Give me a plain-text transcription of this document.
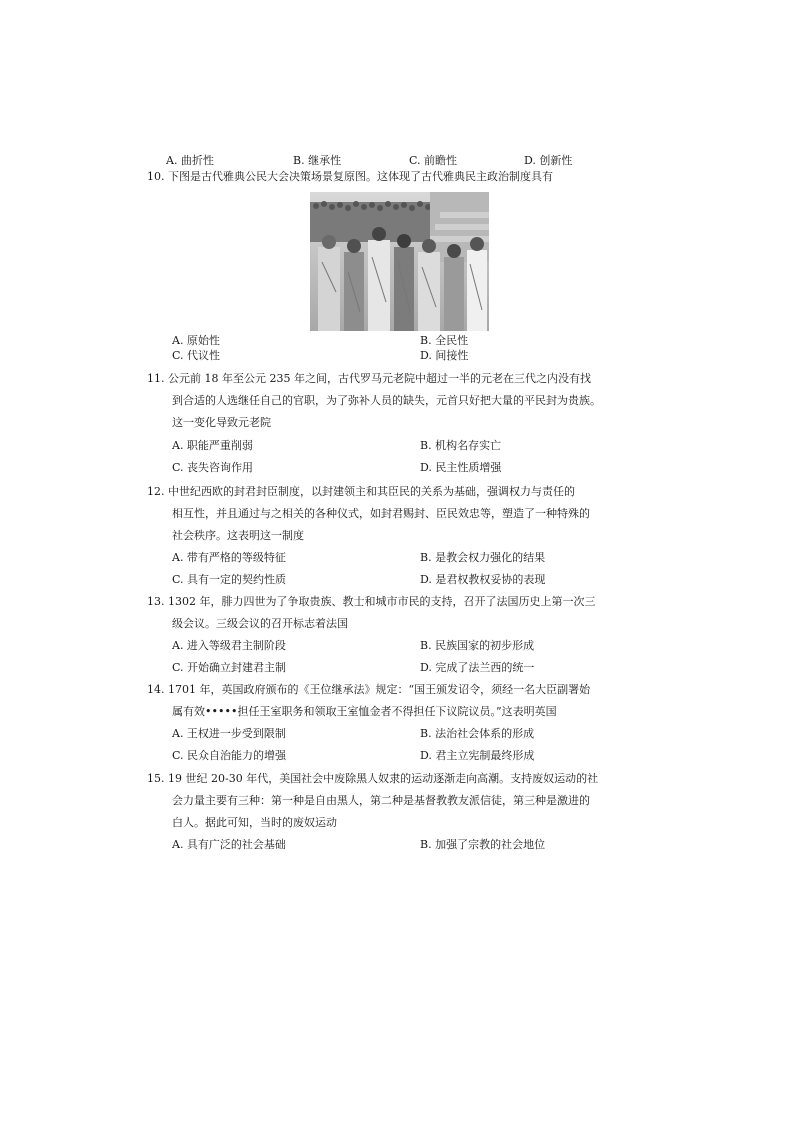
A. 曲折性	B. 继承性	C. 前瞻性	D. 创新性
10. 下图是古代雅典公民大会决策场景复原图。这体现了古代雅典民主政治制度具有
A. 原始性	B. 全民性
C. 代议性	D. 间接性
11. 公元前 18 年至公元 235 年之间，古代罗马元老院中超过一半的元老在三代之内没有找
到合适的人选继任自己的官职，为了弥补人员的缺失，元首只好把大量的平民封为贵族。
这一变化导致元老院
A. 职能严重削弱	B. 机构名存实亡
C. 丧失咨询作用	D. 民主性质增强
12. 中世纪西欧的封君封臣制度，以封建领主和其臣民的关系为基础，强调权力与责任的
相互性，并且通过与之相关的各种仪式，如封君赐封、臣民效忠等，塑造了一种特殊的
社会秩序。这表明这一制度
A. 带有严格的等级特征	B. 是教会权力强化的结果
C. 具有一定的契约性质	D. 是君权教权妥协的表现
13. 1302 年，腓力四世为了争取贵族、教士和城市市民的支持，召开了法国历史上第一次三
级会议。三级会议的召开标志着法国
A. 进入等级君主制阶段	B. 民族国家的初步形成
C. 开始确立封建君主制	D. 完成了法兰西的统一
14. 1701 年，英国政府颁布的《王位继承法》规定：“国王颁发诏令，须经一名大臣副署始
属有效•••••担任王室职务和领取王室恤金者不得担任下议院议员。”这表明英国
A. 王权进一步受到限制	B. 法治社会体系的形成
C. 民众自治能力的增强	D. 君主立宪制最终形成
15. 19 世纪 20-30 年代，美国社会中废除黑人奴隶的运动逐渐走向高潮。支持废奴运动的社
会力量主要有三种：第一种是自由黑人，第二种是基督教教友派信徒，第三种是激进的
白人。据此可知，当时的废奴运动
A. 具有广泛的社会基础	B. 加强了宗教的社会地位
